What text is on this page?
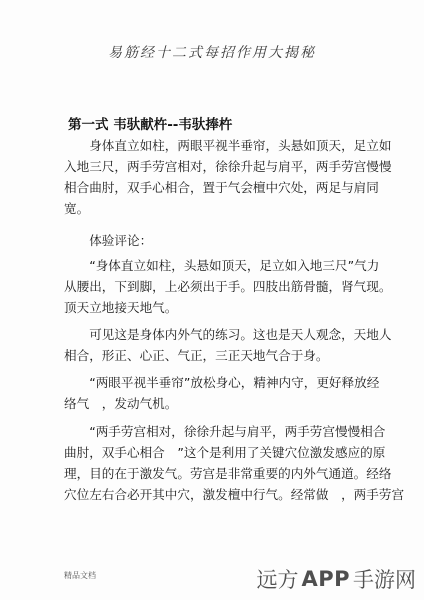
易筋经十二式每招作用大揭秘
第一式 韦驮献杵--韦驮捧杵

　　身体直立如柱，两眼平视半垂帘，头悬如顶天，足立如
入地三尺，两手劳宫相对，徐徐升起与肩平，两手劳宫慢慢
相合曲肘，双手心相合，置于气会檀中穴处，两足与肩同
宽。

　　体验评论：

　　“身体直立如柱，头悬如顶天，足立如入地三尺”气力
从腰出，下到脚，上必须出于手。四肢出筋骨髓，肾气现。
顶天立地接天地气。

　　可见这是身体内外气的练习。这也是天人观念，天地人
相合，形正、心正、气正，三正天地气合于身。

　　“两眼平视半垂帘”放松身心，精神内守，更好释放经
络气　，发动气机。

　　“两手劳宫相对，徐徐升起与肩平，两手劳宫慢慢相合
曲肘，双手心相合　”这个是利用了关键穴位激发感应的原
理，目的在于激发气。劳宫是非常重要的内外气通道。经络
穴位左右合必开其中穴，激发檀中行气。经常做　，两手劳宫

精品文档	远方 APP 手游网
